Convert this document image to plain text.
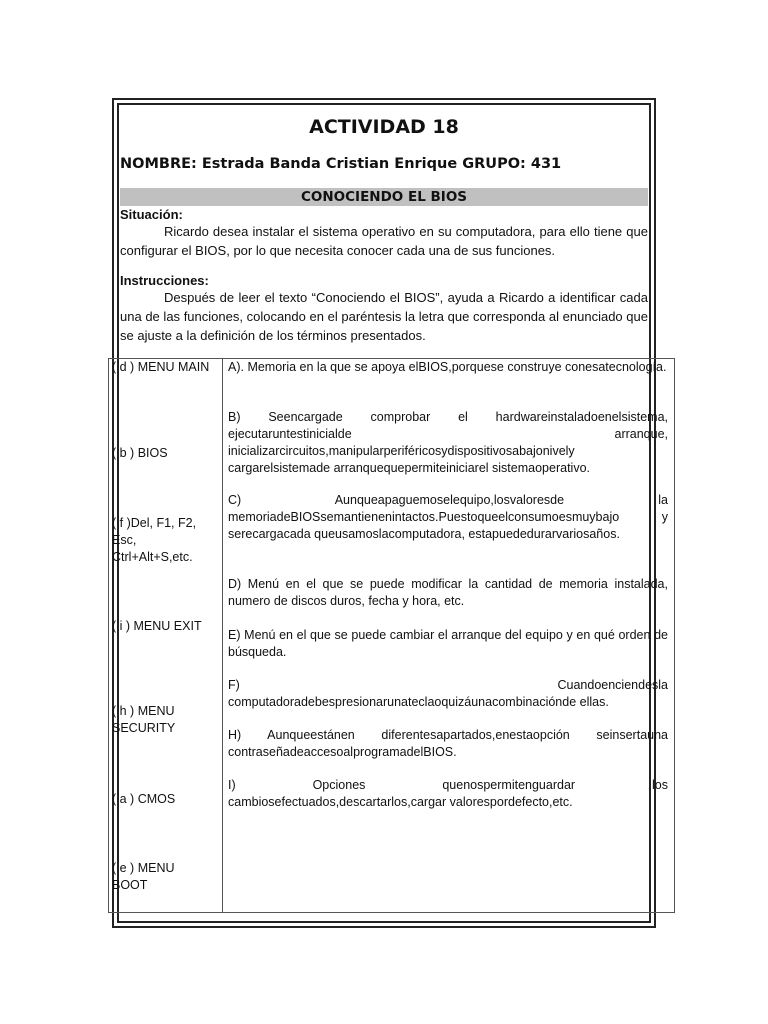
ACTIVIDAD 18
NOMBRE: Estrada Banda Cristian Enrique GRUPO: 431
CONOCIENDO EL BIOS
Situación:
Ricardo desea instalar el sistema operativo en su computadora, para ello tiene que configurar el BIOS, por lo que necesita conocer cada una de sus funciones.
Instrucciones:
Después de leer el texto “Conociendo el BIOS”, ayuda a Ricardo a identificar cada una de las funciones, colocando en el paréntesis la letra que corresponda al enunciado que se ajuste a la definición de los términos presentados.
( d ) MENU MAIN
( b ) BIOS
( f )Del, F1, F2, Esc, Ctrl+Alt+S,etc.
( i ) MENU EXIT
( h ) MENU SECURITY
( a ) CMOS
( e ) MENU BOOT
A). Memoria en la que se apoya elBIOS,porquese construye conesatecnología.
B) Seencargade comprobar el hardwareinstaladoenelsistema, ejecutaruntestinicialde arranque, inicializarcircuitos,manipularperiféricosydispositivosabajonively cargarelsistemade arranquequepermiteiniciarel sistemaoperativo.
C) Aunqueapaguemoselequipo,losvaloresde la memoriadeBIOSsemantienenintactos.Puestoqueelconsumoesmuybajo y serecargacada queusamoslacomputadora, estapuededurarvariosaños.
D) Menú en el que se puede modificar la cantidad de memoria instalada, numero de discos duros, fecha y hora, etc.
E) Menú en el que se puede cambiar el arranque del equipo y en qué orden de búsqueda.
F) Cuandoenciendesla computadoradebespresionarunateclaoquizáunacombinaciónde ellas.
H) Aunqueestánen diferentesapartados,enestaopción seinsertauna contraseñadeaccesoalprogramadelBIOS.
I) Opciones quenospermitenguardar los cambiosefectuados,descartarlos,cargar valorespordefecto,etc.
